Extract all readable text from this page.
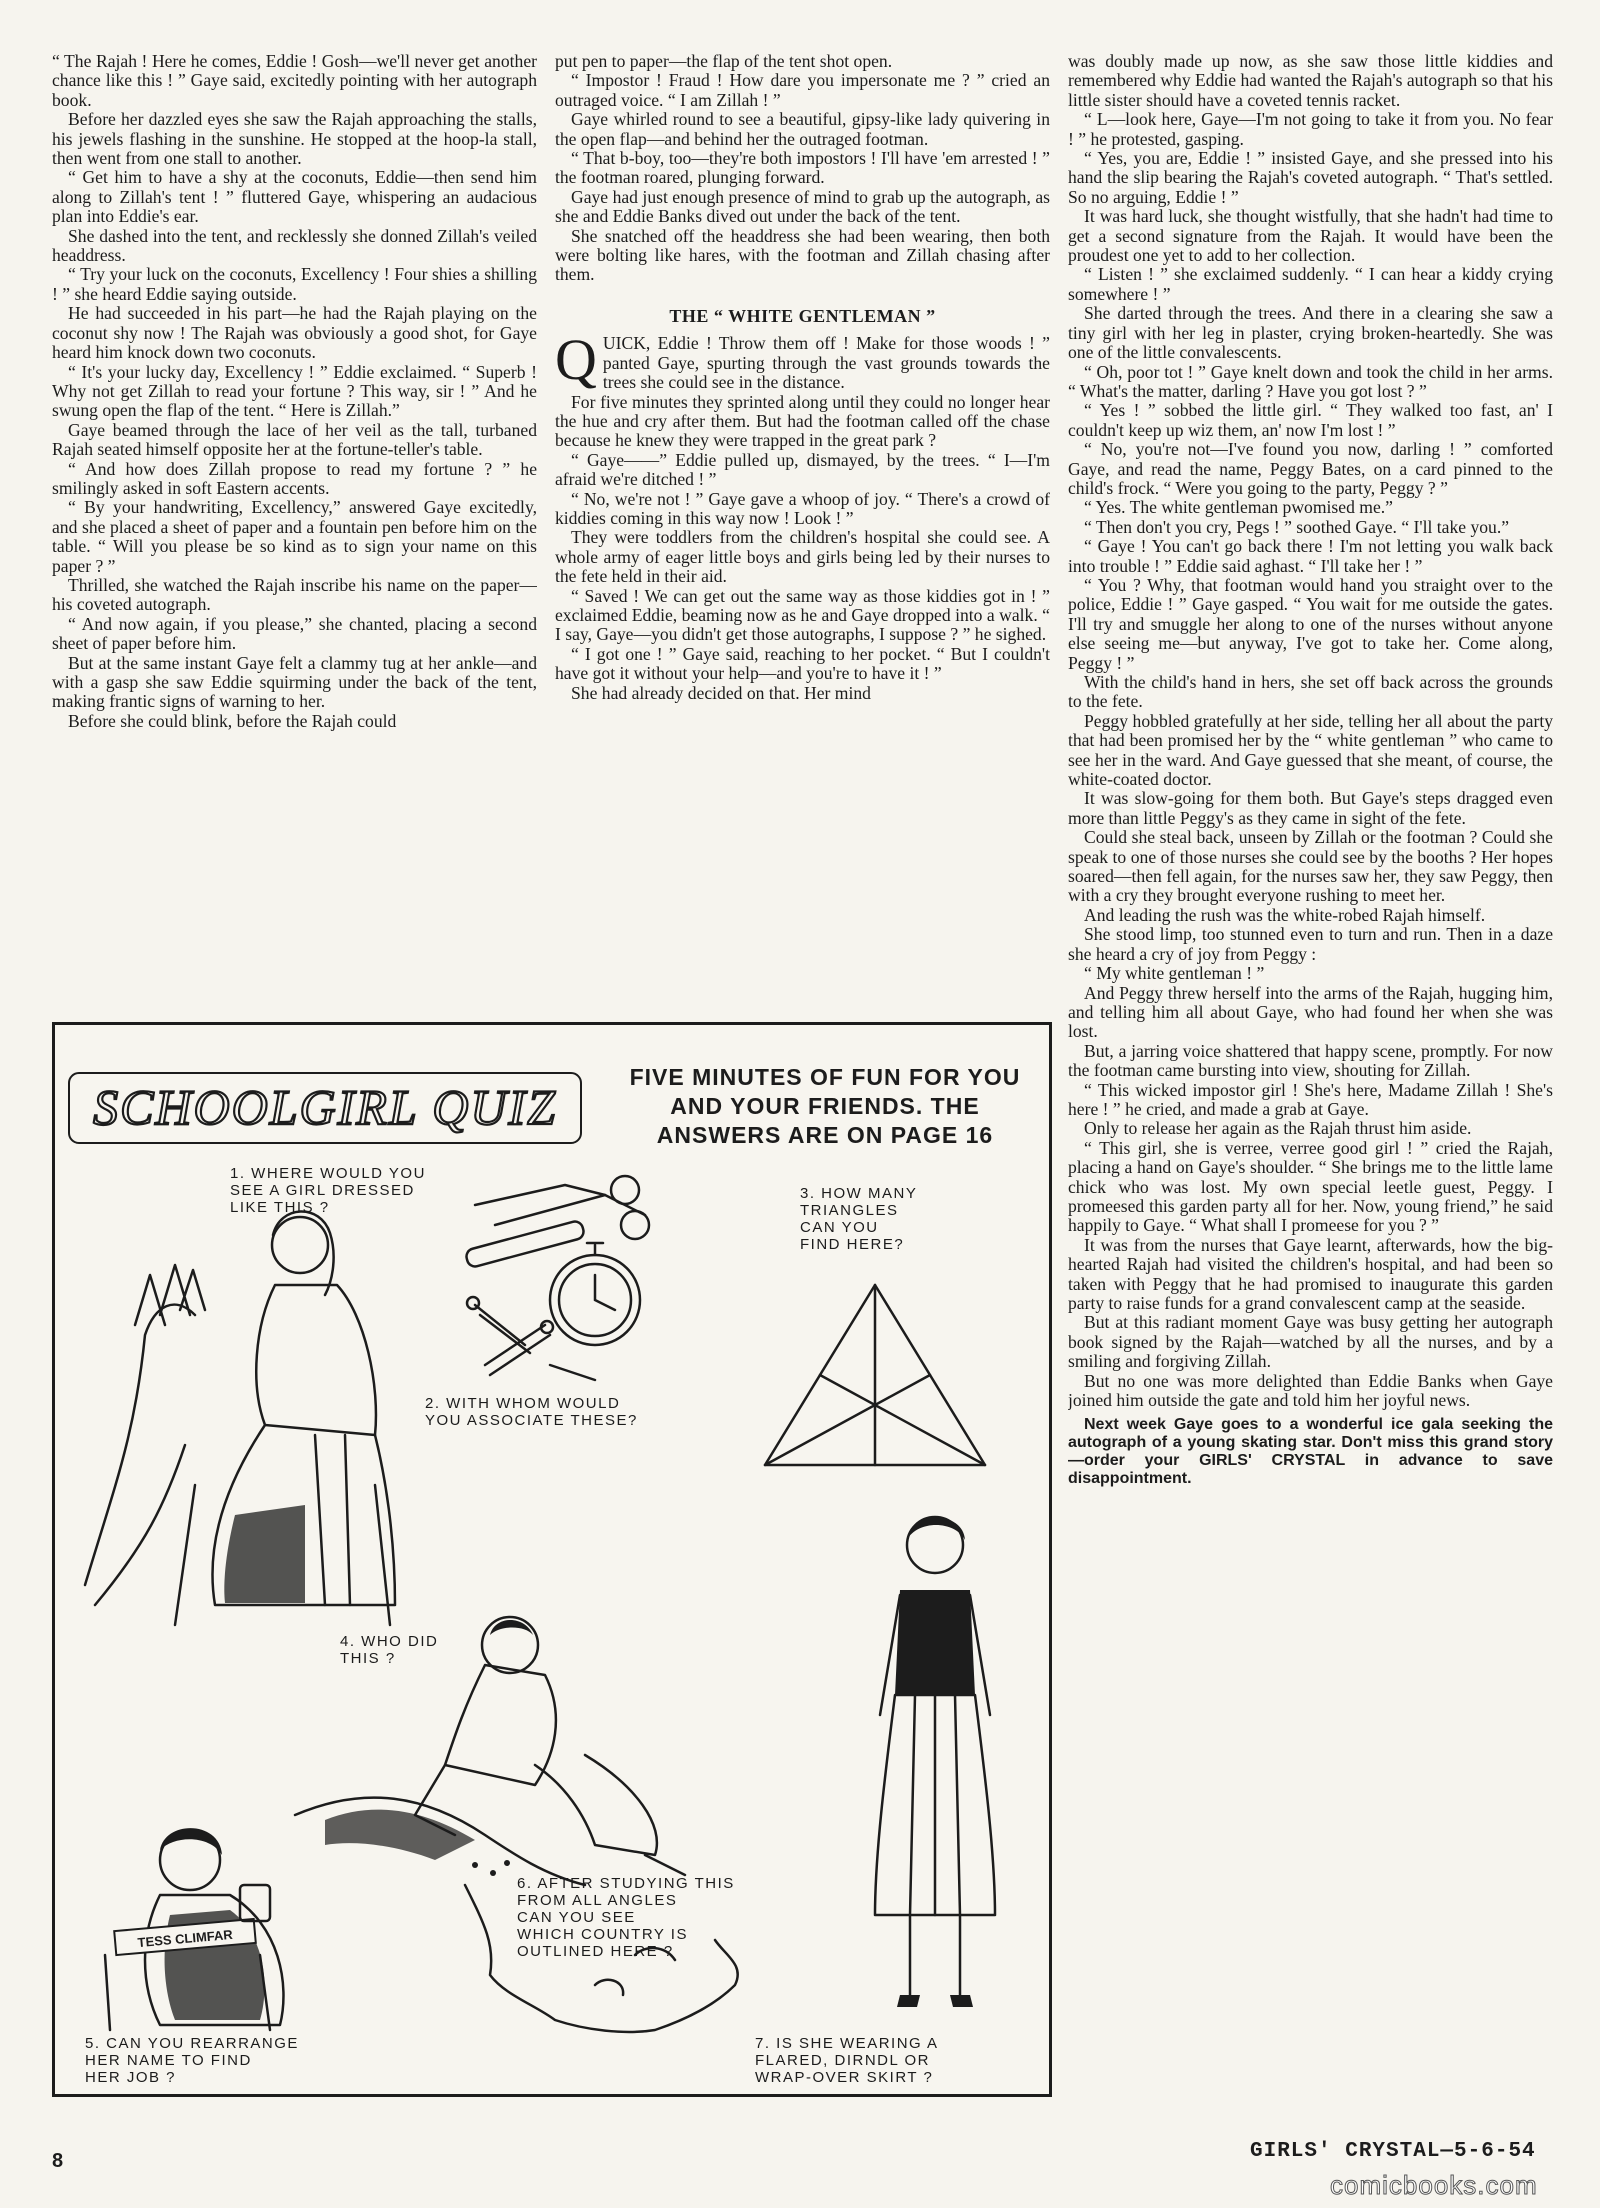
“ The Rajah ! Here he comes, Eddie ! Gosh—we'll never get another chance like this ! ” Gaye said, excitedly pointing with her autograph book.

Before her dazzled eyes she saw the Rajah approaching the stalls, his jewels flashing in the sunshine. He stopped at the hoop-la stall, then went from one stall to another.

“ Get him to have a shy at the coconuts, Eddie—then send him along to Zillah's tent ! ” fluttered Gaye, whispering an audacious plan into Eddie's ear.

She dashed into the tent, and recklessly she donned Zillah's veiled headdress.

“ Try your luck on the coconuts, Excellency ! Four shies a shilling ! ” she heard Eddie saying outside.

He had succeeded in his part—he had the Rajah playing on the coconut shy now ! The Rajah was obviously a good shot, for Gaye heard him knock down two coconuts.

“ It's your lucky day, Excellency ! ” Eddie exclaimed. “ Superb ! Why not get Zillah to read your fortune ? This way, sir ! ” And he swung open the flap of the tent. “ Here is Zillah.”

Gaye beamed through the lace of her veil as the tall, turbaned Rajah seated himself opposite her at the fortune-teller's table.

“ And how does Zillah propose to read my fortune ? ” he smilingly asked in soft Eastern accents.

“ By your handwriting, Excellency,” answered Gaye excitedly, and she placed a sheet of paper and a fountain pen before him on the table. “ Will you please be so kind as to sign your name on this paper ? ”

Thrilled, she watched the Rajah inscribe his name on the paper—his coveted autograph.

“ And now again, if you please,” she chanted, placing a second sheet of paper before him.

But at the same instant Gaye felt a clammy tug at her ankle—and with a gasp she saw Eddie squirming under the back of the tent, making frantic signs of warning to her.

Before she could blink, before the Rajah could

put pen to paper—the flap of the tent shot open.

“ Impostor ! Fraud ! How dare you impersonate me ? ” cried an outraged voice. “ I am Zillah ! ”

Gaye whirled round to see a beautiful, gipsy-like lady quivering in the open flap—and behind her the outraged footman.

“ That b-boy, too—they're both impostors ! I'll have 'em arrested ! ” the footman roared, plunging forward.

Gaye had just enough presence of mind to grab up the autograph, as she and Eddie Banks dived out under the back of the tent.

She snatched off the headdress she had been wearing, then both were bolting like hares, with the footman and Zillah chasing after them.

THE “ WHITE GENTLEMAN ”

QUICK, Eddie ! Throw them off ! Make for those woods ! ” panted Gaye, spurting through the vast grounds towards the trees she could see in the distance.

For five minutes they sprinted along until they could no longer hear the hue and cry after them. But had the footman called off the chase because he knew they were trapped in the great park ?

“ Gaye——” Eddie pulled up, dismayed, by the trees. “ I—I'm afraid we're ditched ! ”

“ No, we're not ! ” Gaye gave a whoop of joy. “ There's a crowd of kiddies coming in this way now ! Look ! ”

They were toddlers from the children's hospital she could see. A whole army of eager little boys and girls being led by their nurses to the fete held in their aid.

“ Saved ! We can get out the same way as those kiddies got in ! ” exclaimed Eddie, beaming now as he and Gaye dropped into a walk. “ I say, Gaye—you didn't get those autographs, I suppose ? ” he sighed.

“ I got one ! ” Gaye said, reaching to her pocket. “ But I couldn't have got it without your help—and you're to have it ! ”

She had already decided on that. Her mind

was doubly made up now, as she saw those little kiddies and remembered why Eddie had wanted the Rajah's autograph so that his little sister should have a coveted tennis racket.

“ L—look here, Gaye—I'm not going to take it from you. No fear ! ” he protested, gasping.

“ Yes, you are, Eddie ! ” insisted Gaye, and she pressed into his hand the slip bearing the Rajah's coveted autograph. “ That's settled. So no arguing, Eddie ! ”

It was hard luck, she thought wistfully, that she hadn't had time to get a second signature from the Rajah. It would have been the proudest one yet to add to her collection.

“ Listen ! ” she exclaimed suddenly. “ I can hear a kiddy crying somewhere ! ”

She darted through the trees. And there in a clearing she saw a tiny girl with her leg in plaster, crying broken-heartedly. She was one of the little convalescents.

“ Oh, poor tot ! ” Gaye knelt down and took the child in her arms. “ What's the matter, darling ? Have you got lost ? ”

“ Yes ! ” sobbed the little girl. “ They walked too fast, an' I couldn't keep up wiz them, an' now I'm lost ! ”

“ No, you're not—I've found you now, darling ! ” comforted Gaye, and read the name, Peggy Bates, on a card pinned to the child's frock. “ Were you going to the party, Peggy ? ”

“ Yes. The white gentleman pwomised me.”

“ Then don't you cry, Pegs ! ” soothed Gaye. “ I'll take you.”

“ Gaye ! You can't go back there ! I'm not letting you walk back into trouble ! ” Eddie said aghast. “ I'll take her ! ”

“ You ? Why, that footman would hand you straight over to the police, Eddie ! ” Gaye gasped. “ You wait for me outside the gates. I'll try and smuggle her along to one of the nurses without anyone else seeing me—but anyway, I've got to take her. Come along, Peggy ! ”

With the child's hand in hers, she set off back across the grounds to the fete.

Peggy hobbled gratefully at her side, telling her all about the party that had been promised her by the “ white gentleman ” who came to see her in the ward. And Gaye guessed that she meant, of course, the white-coated doctor.

It was slow-going for them both. But Gaye's steps dragged even more than little Peggy's as they came in sight of the fete.

Could she steal back, unseen by Zillah or the footman ? Could she speak to one of those nurses she could see by the booths ? Her hopes soared—then fell again, for the nurses saw her, they saw Peggy, then with a cry they brought everyone rushing to meet her.

And leading the rush was the white-robed Rajah himself.

She stood limp, too stunned even to turn and run. Then in a daze she heard a cry of joy from Peggy :

“ My white gentleman ! ”

And Peggy threw herself into the arms of the Rajah, hugging him, and telling him all about Gaye, who had found her when she was lost.

But, a jarring voice shattered that happy scene, promptly. For now the footman came bursting into view, shouting for Zillah.

“ This wicked impostor girl ! She's here, Madame Zillah ! She's here ! ” he cried, and made a grab at Gaye.

Only to release her again as the Rajah thrust him aside.

“ This girl, she is verree, verree good girl ! ” cried the Rajah, placing a hand on Gaye's shoulder. “ She brings me to the little lame chick who was lost. My own special leetle guest, Peggy. I promeesed this garden party all for her. Now, young friend,” he said happily to Gaye. “ What shall I promeese for you ? ”

It was from the nurses that Gaye learnt, afterwards, how the big-hearted Rajah had visited the children's hospital, and had been so taken with Peggy that he had promised to inaugurate this garden party to raise funds for a grand convalescent camp at the seaside.

But at this radiant moment Gaye was busy getting her autograph book signed by the Rajah—watched by all the nurses, and by a smiling and forgiving Zillah.

But no one was more delighted than Eddie Banks when Gaye joined him outside the gate and told him her joyful news.

Next week Gaye goes to a wonderful ice gala seeking the autograph of a young skating star. Don't miss this grand story—order your GIRLS' CRYSTAL in advance to save disappointment.

SCHOOLGIRL QUIZ
FIVE MINUTES OF FUN FOR YOU AND YOUR FRIENDS. THE ANSWERS ARE ON PAGE 16
1. WHERE WOULD YOU
SEE A GIRL DRESSED
LIKE THIS ?
3. HOW MANY
TRIANGLES
CAN YOU
FIND HERE?
2. WITH WHOM WOULD
YOU ASSOCIATE THESE?
4. WHO DID
THIS ?
6. AFTER STUDYING THIS
FROM ALL ANGLES
CAN YOU SEE
WHICH COUNTRY IS
OUTLINED HERE ?
5. CAN YOU REARRANGE
HER NAME TO FIND
HER JOB ?
7. IS SHE WEARING A
FLARED, DIRNDL OR
WRAP-OVER SKIRT ?
TESS CLIMFAR
8	GIRLS' CRYSTAL—5-6-54
comicbooks.com
